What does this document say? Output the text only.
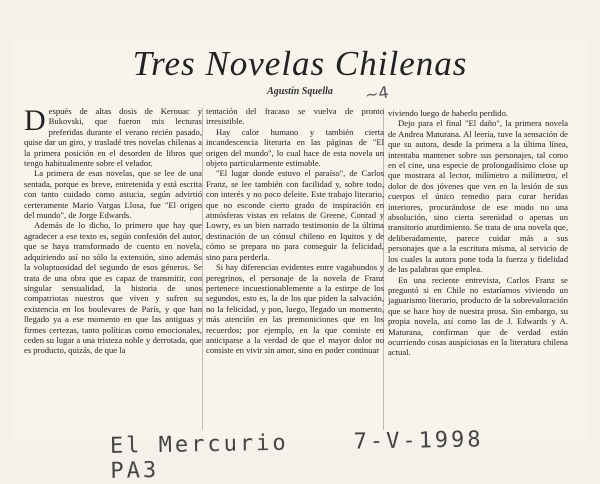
Tres Novelas Chilenas
Agustín Squella	~4

Después de altas dosis de Kerouac y Bukovski, que fueron mis lecturas preferidas durante el verano recién pasado, quise dar un giro, y trasladé tres novelas chilenas a la primera posición en el desorden de libros que tengo habitualmente sobre el velador.

La primera de esas novelas, que se lee de una sentada, porque es breve, entretenida y está escrita con tanto cuidado como astucia, según advirtió certeramente Mario Vargas Llosa, fue "El origen del mundo", de Jorge Edwards.

Además de lo dicho, lo primero que hay que agradecer a ese texto es, según confesión del autor, que se haya transformado de cuento en novela, adquiriendo así no sólo la extensión, sino además la voluptuosidad del segundo de esos géneros. Se trata de una obra que es capaz de transmitir, con singular sensualidad, la historia de unos compatriotas nuestros que viven y sufren su existencia en los boulevares de París, y que han llegado ya a ese momento en que las antiguas y firmes certezas, tanto políticas como emocionales, ceden su lugar a una tristeza noble y derrotada, que es producto, quizás, de que la

tentación del fracaso se vuelva de pronto irresistible.

Hay calor humano y también cierta incandescencia literaria en las páginas de "El origen del mundo", lo cual hace de esta novela un objeto particularmente estimable.

"El lugar donde estuvo el paraíso", de Carlos Franz, se lee también con facilidad y, sobre todo, con interés y no poco deleite. Este trabajo literario, que no esconde cierto grado de inspiración en atmósferas vistas en relatos de Greene, Conrad y Lowry, es un bien narrado testimonio de la última destinación de un cónsul chileno en Iquitos y de cómo se prepara no para conseguir la felicidad, sino para perderla.

Si hay diferencias evidentes entre vagabundos y peregrinos, el personaje de la novela de Franz pertenece incuestionablemente a la estirpe de los segundos, esto es, la de los que piden la salvación, no la felicidad, y pon, luego, llegado un momento, más atención en las premoniciones que en los recuerdos; por ejemplo, en la que consiste en anticiparse a la verdad de que el mayor dolor no consiste en vivir sin amor, sino en poder continuar

viviendo luego de haberlo perdido.

Dejo para el final "El daño", la primera novela de Andrea Maturana. Al leería, tuve la sensación de que su autora, desde la primera a la última línea, intentaba mantener sobre sus personajes, tal como en el cine, una especie de prolongadísimo close up que mostrara al lector, milímetro a milímetro, el dolor de dos jóvenes que ven en la lesión de sus cuerpos el único remedio para curar heridas interiores, procurándose de ese modo no una absolución, sino cierta serenidad o apenas un transitorio aturdimiento. Se trata de una novela que, deliberadamente, parece cuidar más a sus personajes que a la escritura misma, al servicio de los cuales la autora pone toda la fuerza y fidelidad de las palabras que emplea.

En una reciente entrevista, Carlos Franz se preguntó si en Chile no estaríamos viviendo un jaguarismo literario, producto de la sobrevaloración que se hace hoy de nuestra prosa. Sin embargo, su propia novela, así como las de J. Edwards y A. Maturana, confirman que de verdad están ocurriendo cosas auspiciosas en la literatura chilena actual.

El Mercurio	7-V-1998    PA3
